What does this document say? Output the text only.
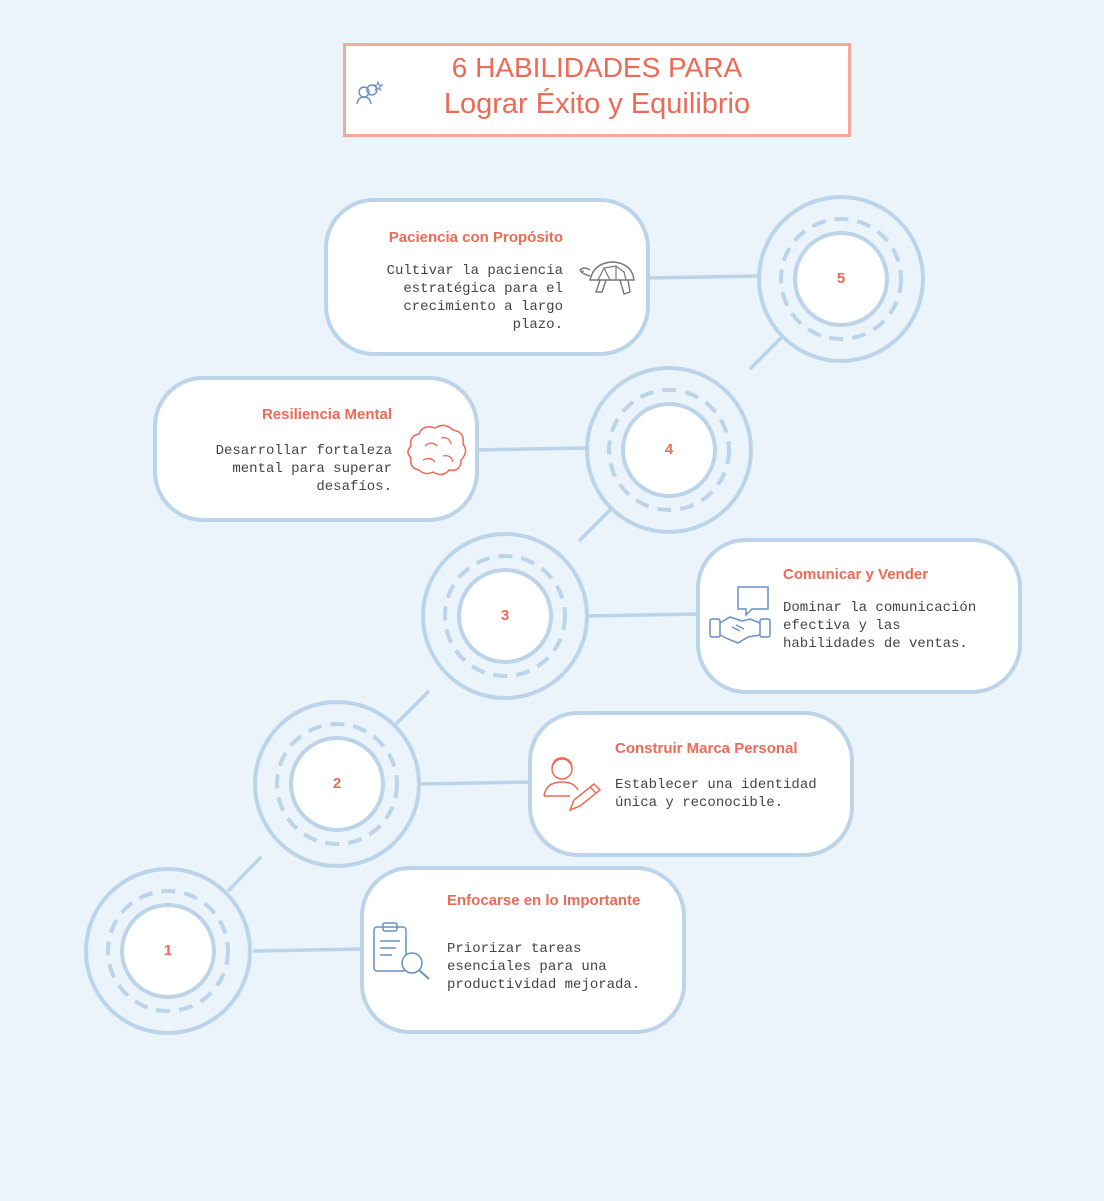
6 HABILIDADES PARA
Lograr Éxito y Equilibrio
1
2
3
4
5
Enfocarse en lo Importante
Priorizar tareas esenciales para una productividad mejorada.
Construir Marca Personal
Establecer una identidad única y reconocible.
Comunicar y Vender
Dominar la comunicación efectiva y las habilidades de ventas.
Resiliencia Mental
Desarrollar fortaleza mental para superar desafíos.
Paciencia con Propósito
Cultivar la paciencia estratégica para el crecimiento a largo plazo.
